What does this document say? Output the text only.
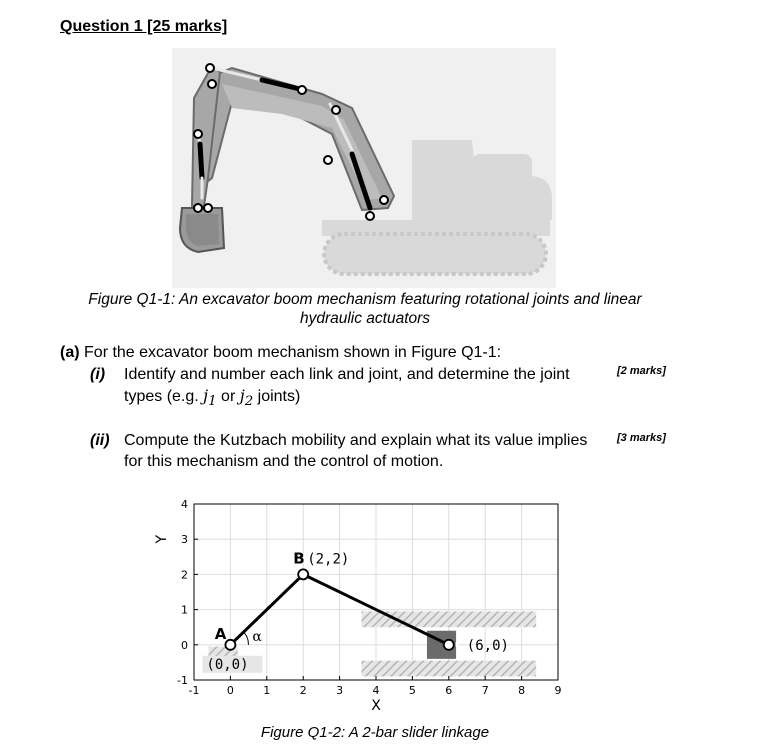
Question 1 [25 marks]
Figure Q1-1: An excavator boom mechanism featuring rotational joints and linear hydraulic actuators
(a) For the excavator boom mechanism shown in Figure Q1-1:
(i) Identify and number each link and joint, and determine the joint types (e.g. $j_1$ or $j_2$ joints)
[2 marks]
(ii) Compute the Kutzbach mobility and explain what its value implies for this mechanism and the control of motion.
[3 marks]
-1 0	1	2	3	4	5	6	7	8	9
-1
0
1
2
3
4
X
Y
A
(0,0)
B (2,2)
C (6,0)
α
Figure Q1-2: A 2-bar slider linkage
